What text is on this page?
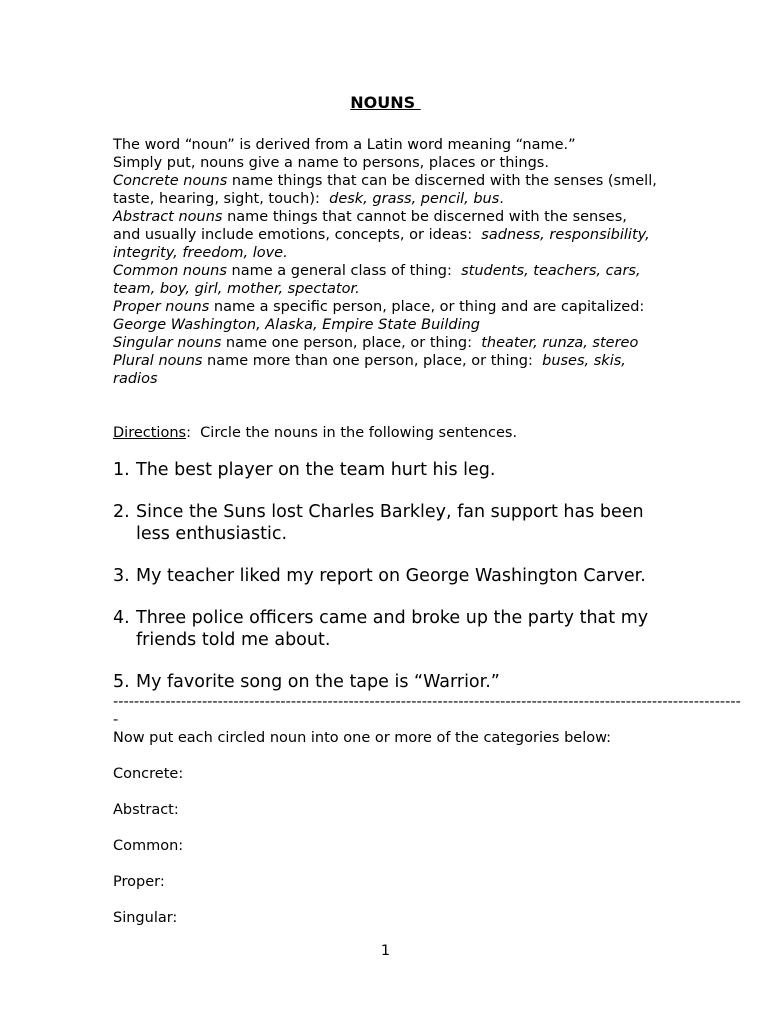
NOUNS

The word “noun” is derived from a Latin word meaning “name.”

Simply put, nouns give a name to persons, places or things.

Concrete nouns name things that can be discerned with the senses (smell, taste, hearing, sight, touch):  desk, grass, pencil, bus.

Abstract nouns name things that cannot be discerned with the senses, and usually include emotions, concepts, or ideas:  sadness, responsibility, integrity, freedom, love.

Common nouns name a general class of thing:  students, teachers, cars, team, boy, girl, mother, spectator.

Proper nouns name a specific person, place, or thing and are capitalized:  George Washington, Alaska, Empire State Building

Singular nouns name one person, place, or thing:  theater, runza, stereo

Plural nouns name more than one person, place, or thing:  buses, skis, radios

Directions:  Circle the nouns in the following sentences.
1. The best player on the team hurt his leg.
2. Since the Suns lost Charles Barkley, fan support has been less enthusiastic.
3. My teacher liked my report on George Washington Carver.
4. Three police officers came and broke up the party that my friends told me about.
5. My favorite song on the tape is “Warrior.”
------------------------------------------------------------------------------------------------------------------------
-
Now put each circled noun into one or more of the categories below:
Concrete:
Abstract:
Common:
Proper:
Singular:
1
